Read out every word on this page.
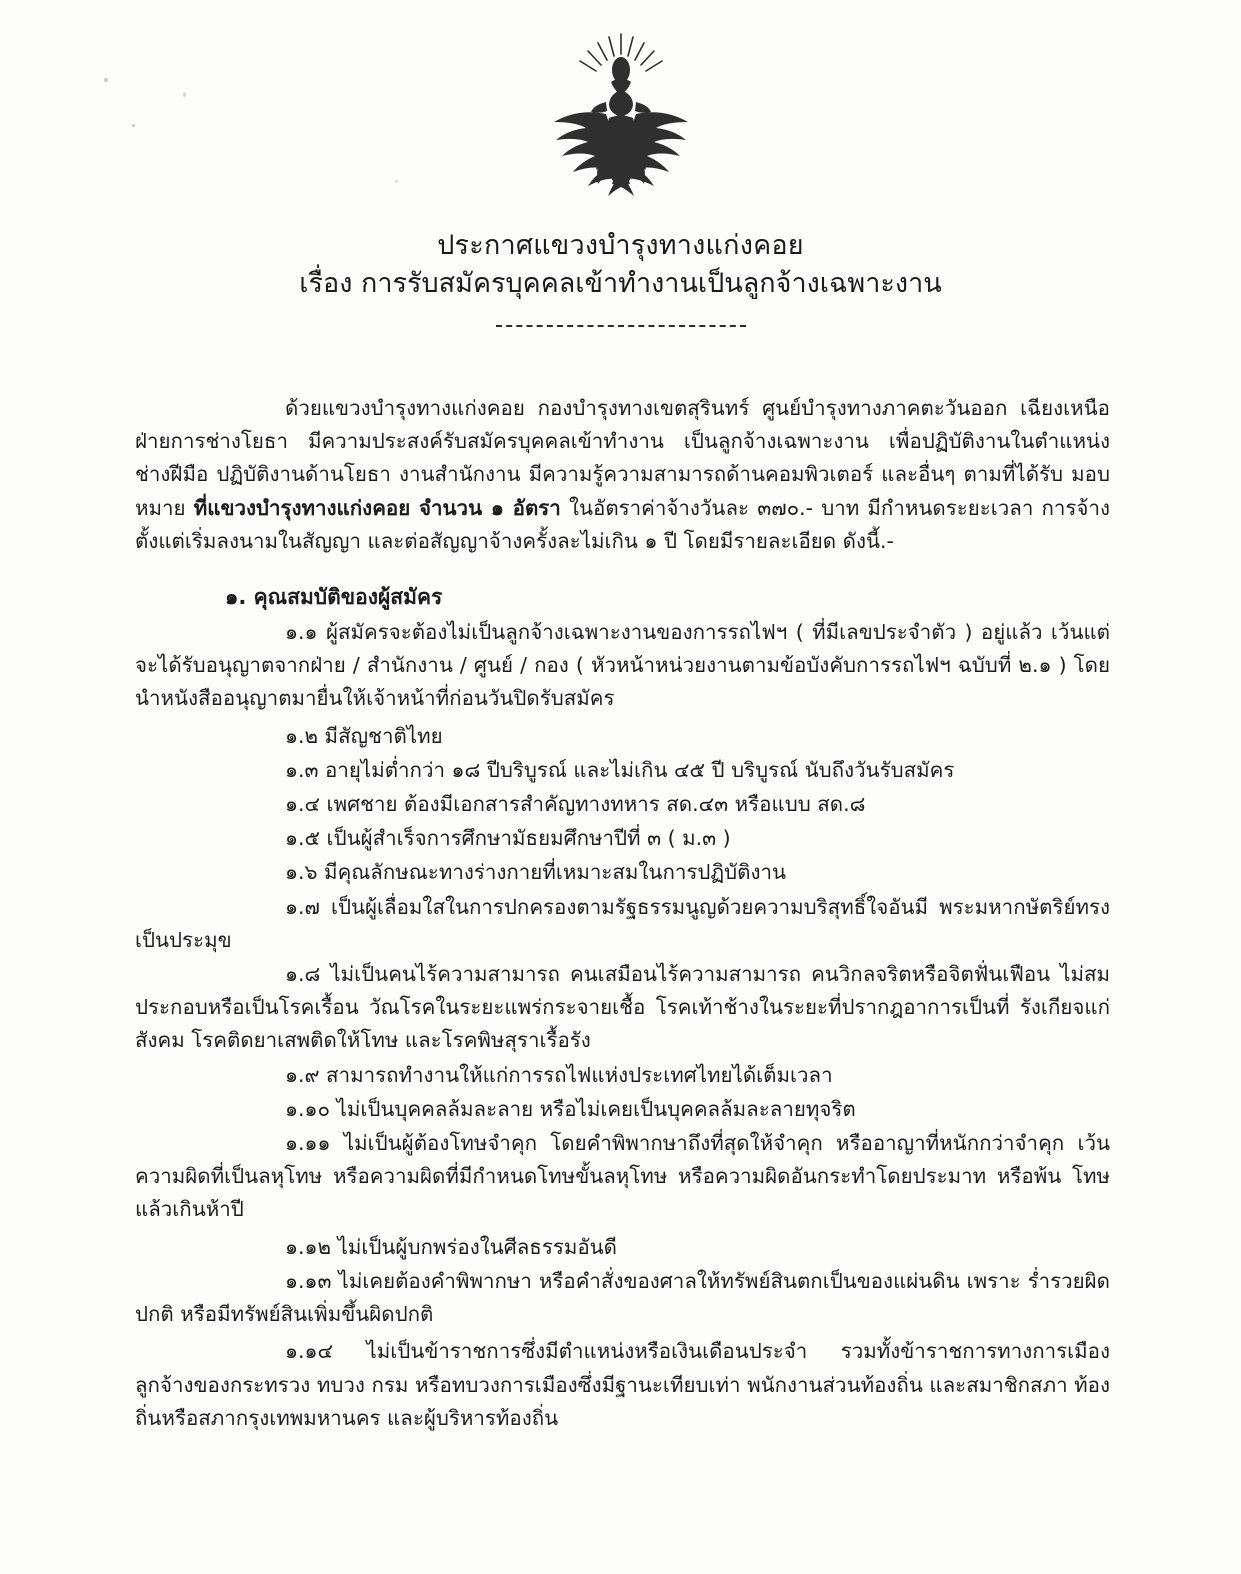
ประกาศแขวงบำรุงทางแก่งคอย
เรื่อง การรับสมัครบุคคลเข้าทำงานเป็นลูกจ้างเฉพาะงาน

ด้วยแขวงบำรุงทางแก่งคอย กองบำรุงทางเขตสุรินทร์ ศูนย์บำรุงทางภาคตะวันออก เฉียงเหนือ ฝ่ายการช่างโยธา มีความประสงค์รับสมัครบุคคลเข้าทำงาน เป็นลูกจ้างเฉพาะงาน เพื่อปฏิบัติงานในตำแหน่ง ช่างฝีมือ ปฏิบัติงานด้านโยธา งานสำนักงาน มีความรู้ความสามารถด้านคอมพิวเตอร์ และอื่นๆ ตามที่ได้รับ มอบหมาย ที่แขวงบำรุงทางแก่งคอย จำนวน ๑ อัตรา ในอัตราค่าจ้างวันละ ๓๗๐.- บาท มีกำหนดระยะเวลา การจ้างตั้งแต่เริ่มลงนามในสัญญา และต่อสัญญาจ้างครั้งละไม่เกิน ๑ ปี โดยมีรายละเอียด ดังนี้.-

๑. คุณสมบัติของผู้สมัคร

๑.๑ ผู้สมัครจะต้องไม่เป็นลูกจ้างเฉพาะงานของการรถไฟฯ ( ที่มีเลขประจำตัว ) อยู่แล้ว เว้นแต่จะได้รับอนุญาตจากฝ่าย / สำนักงาน / ศูนย์ / กอง ( หัวหน้าหน่วยงานตามข้อบังคับการรถไฟฯ ฉบับที่ ๒.๑ ) โดยนำหนังสืออนุญาตมายื่นให้เจ้าหน้าที่ก่อนวันปิดรับสมัคร

๑.๒ มีสัญชาติไทย

๑.๓ อายุไม่ต่ำกว่า ๑๘ ปีบริบูรณ์ และไม่เกิน ๔๕ ปี บริบูรณ์ นับถึงวันรับสมัคร

๑.๔ เพศชาย ต้องมีเอกสารสำคัญทางทหาร สด.๔๓ หรือแบบ สด.๘

๑.๕ เป็นผู้สำเร็จการศึกษามัธยมศึกษาปีที่ ๓ ( ม.๓ )

๑.๖ มีคุณลักษณะทางร่างกายที่เหมาะสมในการปฏิบัติงาน

๑.๗ เป็นผู้เลื่อมใสในการปกครองตามรัฐธรรมนูญด้วยความบริสุทธิ์ใจอันมี พระมหากษัตริย์ทรงเป็นประมุข

๑.๘ ไม่เป็นคนไร้ความสามารถ คนเสมือนไร้ความสามารถ คนวิกลจริตหรือจิตฟั่นเฟือน ไม่สมประกอบหรือเป็นโรคเรื้อน วัณโรคในระยะแพร่กระจายเชื้อ โรคเท้าช้างในระยะที่ปรากฎอาการเป็นที่ รังเกียจแก่สังคม โรคติดยาเสพติดให้โทษ และโรคพิษสุราเรื้อรัง

๑.๙ สามารถทำงานให้แก่การรถไฟแห่งประเทศไทยได้เต็มเวลา

๑.๑๐ ไม่เป็นบุคคลล้มละลาย หรือไม่เคยเป็นบุคคลล้มละลายทุจริต

๑.๑๑ ไม่เป็นผู้ต้องโทษจำคุก โดยคำพิพากษาถึงที่สุดให้จำคุก หรืออาญาที่หนักกว่าจำคุก เว้นความผิดที่เป็นลหุโทษ หรือความผิดที่มีกำหนดโทษขั้นลหุโทษ หรือความผิดอันกระทำโดยประมาท หรือพ้น โทษแล้วเกินห้าปี

๑.๑๒ ไม่เป็นผู้บกพร่องในศีลธรรมอันดี

๑.๑๓ ไม่เคยต้องคำพิพากษา หรือคำสั่งของศาลให้ทรัพย์สินตกเป็นของแผ่นดิน เพราะ ร่ำรวยผิดปกติ หรือมีทรัพย์สินเพิ่มขึ้นผิดปกติ

๑.๑๔ ไม่เป็นข้าราชการซึ่งมีตำแหน่งหรือเงินเดือนประจำ รวมทั้งข้าราชการทางการเมือง ลูกจ้างของกระทรวง ทบวง กรม หรือทบวงการเมืองซึ่งมีฐานะเทียบเท่า พนักงานส่วนท้องถิ่น และสมาชิกสภา ท้องถิ่นหรือสภากรุงเทพมหานคร และผู้บริหารท้องถิ่น
